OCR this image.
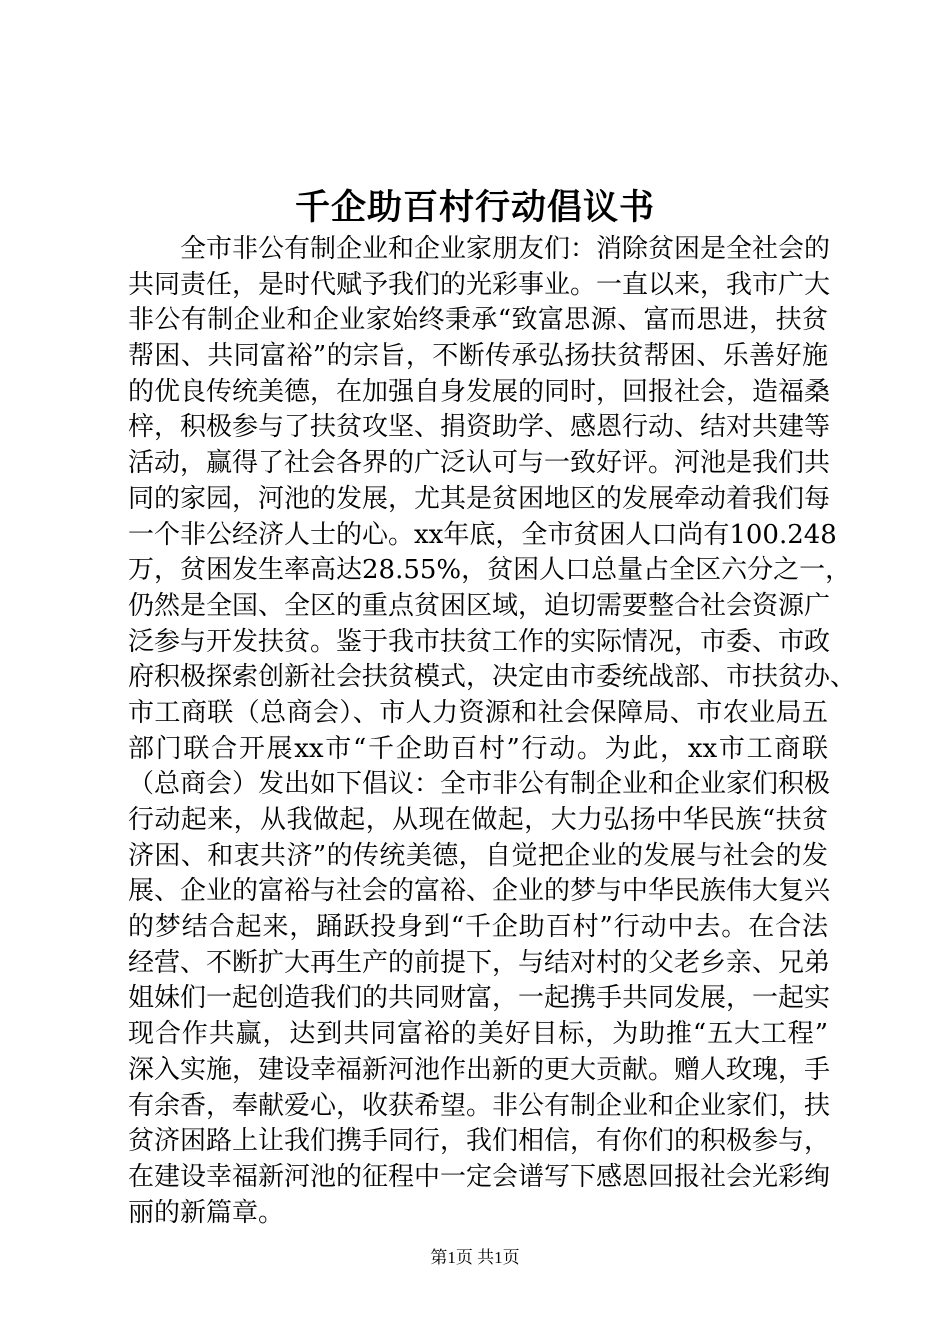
千企助百村行动倡议书
全市非公有制企业和企业家朋友们：消除贫困是全社会的
共同责任，是时代赋予我们的光彩事业。一直以来，我市广大
非公有制企业和企业家始终秉承“致富思源、富而思进，扶贫
帮困、共同富裕”的宗旨，不断传承弘扬扶贫帮困、乐善好施
的优良传统美德，在加强自身发展的同时，回报社会，造福桑
梓，积极参与了扶贫攻坚、捐资助学、感恩行动、结对共建等
活动，赢得了社会各界的广泛认可与一致好评。河池是我们共
同的家园，河池的发展，尤其是贫困地区的发展牵动着我们每
一个非公经济人士的心。xx年底，全市贫困人口尚有100.248
万，贫困发生率高达28.55%，贫困人口总量占全区六分之一，
仍然是全国、全区的重点贫困区域，迫切需要整合社会资源广
泛参与开发扶贫。鉴于我市扶贫工作的实际情况，市委、市政
府积极探索创新社会扶贫模式，决定由市委统战部、市扶贫办、
市工商联（总商会）、市人力资源和社会保障局、市农业局五
部门联合开展xx市“千企助百村”行动。为此，xx市工商联
（总商会）发出如下倡议：全市非公有制企业和企业家们积极
行动起来，从我做起，从现在做起，大力弘扬中华民族“扶贫
济困、和衷共济”的传统美德，自觉把企业的发展与社会的发
展、企业的富裕与社会的富裕、企业的梦与中华民族伟大复兴
的梦结合起来，踊跃投身到“千企助百村”行动中去。在合法
经营、不断扩大再生产的前提下，与结对村的父老乡亲、兄弟
姐妹们一起创造我们的共同财富，一起携手共同发展，一起实
现合作共赢，达到共同富裕的美好目标，为助推“五大工程”
深入实施，建设幸福新河池作出新的更大贡献。赠人玫瑰，手
有余香，奉献爱心，收获希望。非公有制企业和企业家们，扶
贫济困路上让我们携手同行，我们相信，有你们的积极参与，
在建设幸福新河池的征程中一定会谱写下感恩回报社会光彩绚
丽的新篇章。
第1页 共1页
